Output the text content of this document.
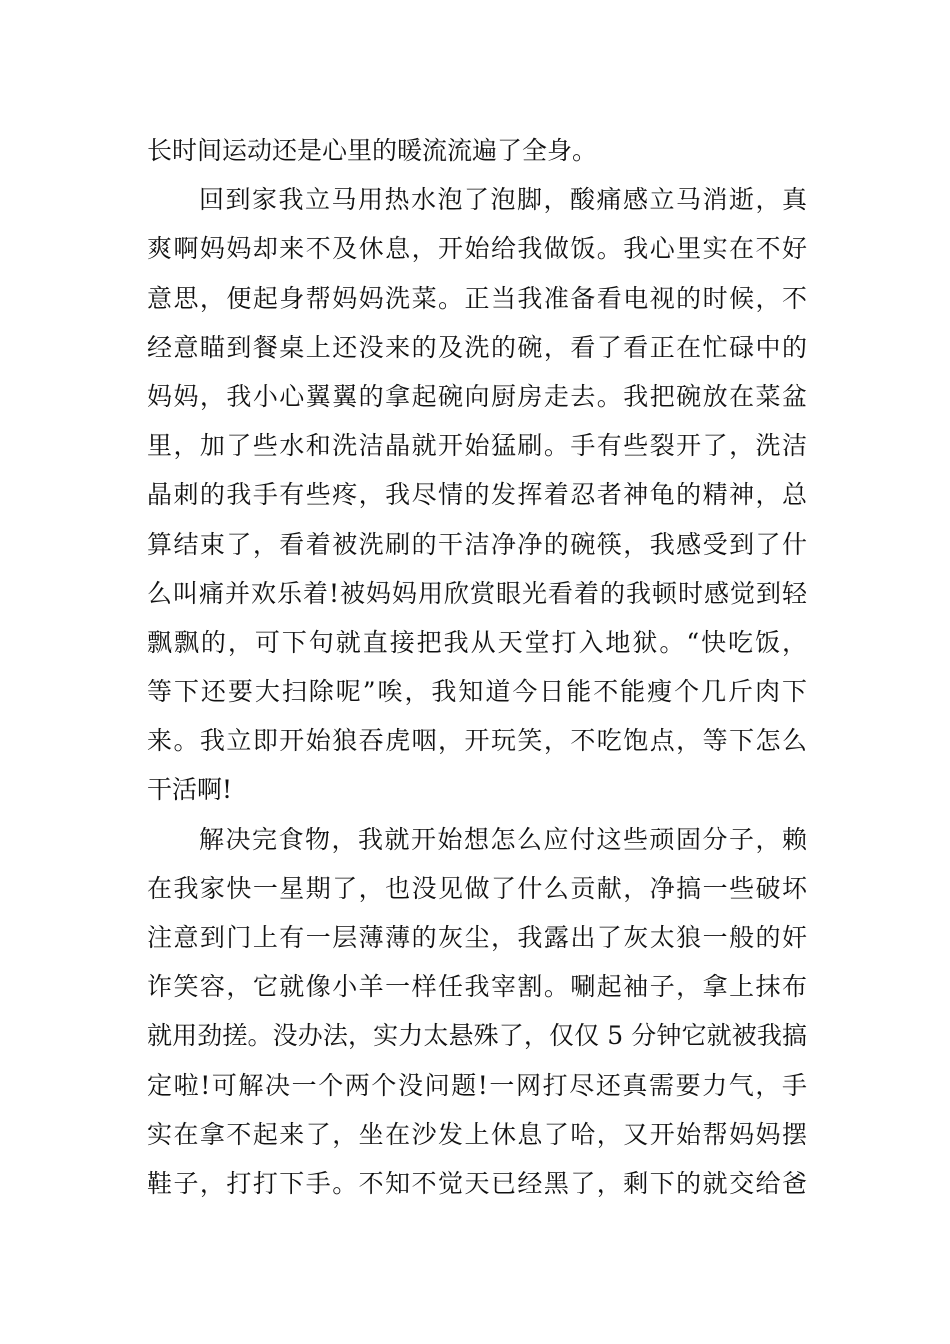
长时间运动还是心里的暖流流遍了全身。
回到家我立马用热水泡了泡脚，酸痛感立马消逝，真
爽啊妈妈却来不及休息，开始给我做饭。我心里实在不好
意思，便起身帮妈妈洗菜。正当我准备看电视的时候，不
经意瞄到餐桌上还没来的及洗的碗，看了看正在忙碌中的
妈妈，我小心翼翼的拿起碗向厨房走去。我把碗放在菜盆
里，加了些水和洗洁晶就开始猛刷。手有些裂开了，洗洁
晶刺的我手有些疼，我尽情的发挥着忍者神龟的精神，总
算结束了，看着被洗刷的干洁净净的碗筷，我感受到了什
么叫痛并欢乐着!被妈妈用欣赏眼光看着的我顿时感觉到轻
飘飘的，可下句就直接把我从天堂打入地狱。“快吃饭，
等下还要大扫除呢”唉，我知道今日能不能瘦个几斤肉下
来。我立即开始狼吞虎咽，开玩笑，不吃饱点，等下怎么
干活啊!
解决完食物，我就开始想怎么应付这些顽固分子，赖
在我家快一星期了，也没见做了什么贡献，净搞一些破坏
注意到门上有一层薄薄的灰尘，我露出了灰太狼一般的奸
诈笑容，它就像小羊一样任我宰割。唰起袖子，拿上抹布
就用劲搓。没办法，实力太悬殊了，仅仅 5 分钟它就被我搞
定啦!可解决一个两个没问题!一网打尽还真需要力气，手
实在拿不起来了，坐在沙发上休息了哈，又开始帮妈妈摆
鞋子，打打下手。不知不觉天已经黑了，剩下的就交给爸
